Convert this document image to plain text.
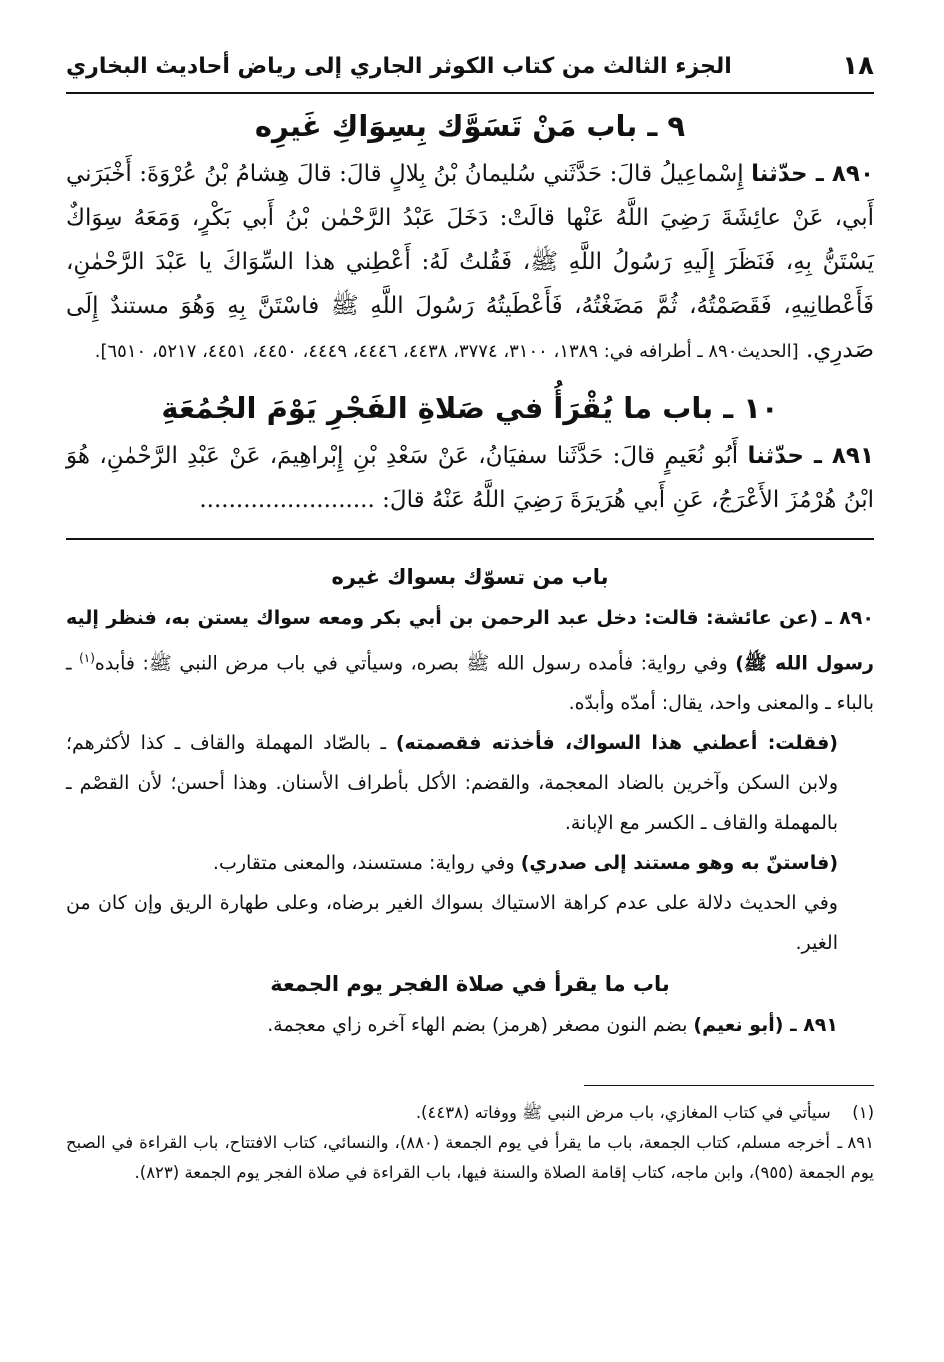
١٨
الجزء الثالث من كتاب الكوثر الجاري إلى رياض أحاديث البخاري
٩ ـ باب مَنْ تَسَوَّك بِسِوَاكِ غَيرِه

٨٩٠ ـ حدّثنا إِسْماعِيلُ قالَ: حَدَّثَني سُليمانُ بْنُ بِلالٍ قالَ: قالَ هِشامُ بْنُ عُرْوَةَ: أَخْبَرَني أَبي، عَنْ عائِشَةَ رَضِيَ اللَّهُ عَنْها قالَتْ: دَخَلَ عَبْدُ الرَّحْمٰن بْنُ أَبي بَكْرٍ، وَمَعَهُ سِوَاكٌ يَسْتَنُّ بِهِ، فَنَظَرَ إِلَيهِ رَسُولُ اللَّهِ ﷺ، فَقُلتُ لَهُ: أَعْطِني هذا السِّوَاكَ يا عَبْدَ الرَّحْمٰنِ، فَأَعْطانِيهِ، فَقَصَمْتُهُ، ثُمَّ مَضَغْتُهُ، فَأَعْطَيتُهُ رَسُولَ اللَّهِ ﷺ فاسْتَنَّ بِهِ وَهُوَ مستندٌ إِلَى صَدرِي. [الحديث٨٩٠ ـ أطرافه في: ١٣٨٩، ٣١٠٠، ٣٧٧٤، ٤٤٣٨، ٤٤٤٦، ٤٤٤٩، ٤٤٥٠، ٤٤٥١، ٥٢١٧، ٦٥١٠].

١٠ ـ باب ما يُقْرَأُ في صَلاةِ الفَجْرِ يَوْمَ الجُمُعَةِ

٨٩١ ـ حدّثنا أَبُو نُعَيمٍ قالَ: حَدَّثَنا سفيَانُ، عَنْ سَعْدِ بْنِ إِبْراهِيمَ، عَنْ عَبْدِ الرَّحْمٰنِ، هُوَ ابْنُ هُرْمُزَ الأَعْرَجُ، عَنِ أَبي هُرَيرَةَ رَضِيَ اللَّهُ عَنْهُ قالَ: ........................

باب من تسوّك بسواك غيره

٨٩٠ ـ (عن عائشة: قالت: دخل عبد الرحمن بن أبي بكر ومعه سواك يستن به، فنظر إليه رسول الله ﷺ) وفي رواية: فأمده رسول الله ﷺ بصره، وسيأتي في باب مرض النبي ﷺ: فأبده$^{(١)}$ ـ بالباء ـ والمعنى واحد، يقال: أمدّه وأبدّه.

(فقلت: أعطني هذا السواك، فأخذته فقصمته) ـ بالصّاد المهملة والقاف ـ كذا لأكثرهم؛ ولابن السكن وآخرين بالضاد المعجمة، والقضم: الأكل بأطراف الأسنان. وهذا أحسن؛ لأن القصْم ـ بالمهملة والقاف ـ الكسر مع الإبانة.

(فاستنّ به وهو مستند إلى صدري) وفي رواية: مستسند، والمعنى متقارب.

وفي الحديث دلالة على عدم كراهة الاستياك بسواك الغير برضاه، وعلى طهارة الريق وإن كان من الغير.

باب ما يقرأ في صلاة الفجر يوم الجمعة

٨٩١ ـ (أبو نعيم) بضم النون مصغر (هرمز) بضم الهاء آخره زاي معجمة.

(١) سيأتي في كتاب المغازي، باب مرض النبي ﷺ ووفاته (٤٤٣٨).

٨٩١ ـ أخرجه مسلم، كتاب الجمعة، باب ما يقرأ في يوم الجمعة (٨٨٠)، والنسائي، كتاب الافتتاح، باب القراءة في الصبح يوم الجمعة (٩٥٥)، وابن ماجه، كتاب إقامة الصلاة والسنة فيها، باب القراءة في صلاة الفجر يوم الجمعة (٨٢٣).
